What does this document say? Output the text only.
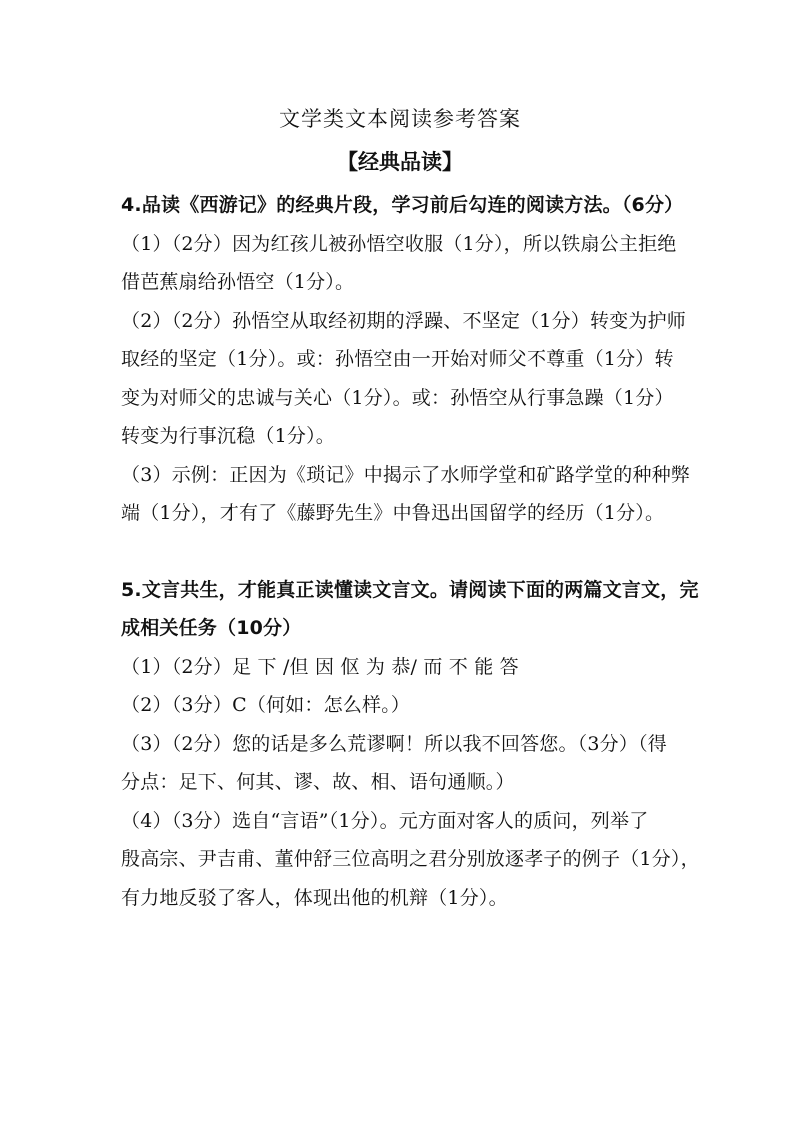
文学类文本阅读参考答案
【经典品读】
4.品读《西游记》的经典片段，学习前后勾连的阅读方法。（6分）
（1）（2分）因为红孩儿被孙悟空收服（1分），所以铁扇公主拒绝
借芭蕉扇给孙悟空（1分）。
（2）（2分）孙悟空从取经初期的浮躁、不坚定（1分）转变为护师
取经的坚定（1分）。或：孙悟空由一开始对师父不尊重（1分）转
变为对师父的忠诚与关心（1分）。或：孙悟空从行事急躁（1分）
转变为行事沉稳（1分）。
（3）示例：正因为《琐记》中揭示了水师学堂和矿路学堂的种种弊
端（1分），才有了《藤野先生》中鲁迅出国留学的经历（1分）。
5.文言共生，才能真正读懂读文言文。请阅读下面的两篇文言文，完
成相关任务（10分）
（1）（2分）足 下 /但 因 伛 为 恭/ 而 不 能 答
（2）（3分）C（何如：怎么样。）
（3）（2分）您的话是多么荒谬啊！所以我不回答您。（3分）（得
分点：足下、何其、谬、故、相、语句通顺。）
（4）（3分）选自“言语”（1分）。元方面对客人的质问，列举了
殷高宗、尹吉甫、董仲舒三位高明之君分别放逐孝子的例子（1分），
有力地反驳了客人，体现出他的机辩（1分）。
